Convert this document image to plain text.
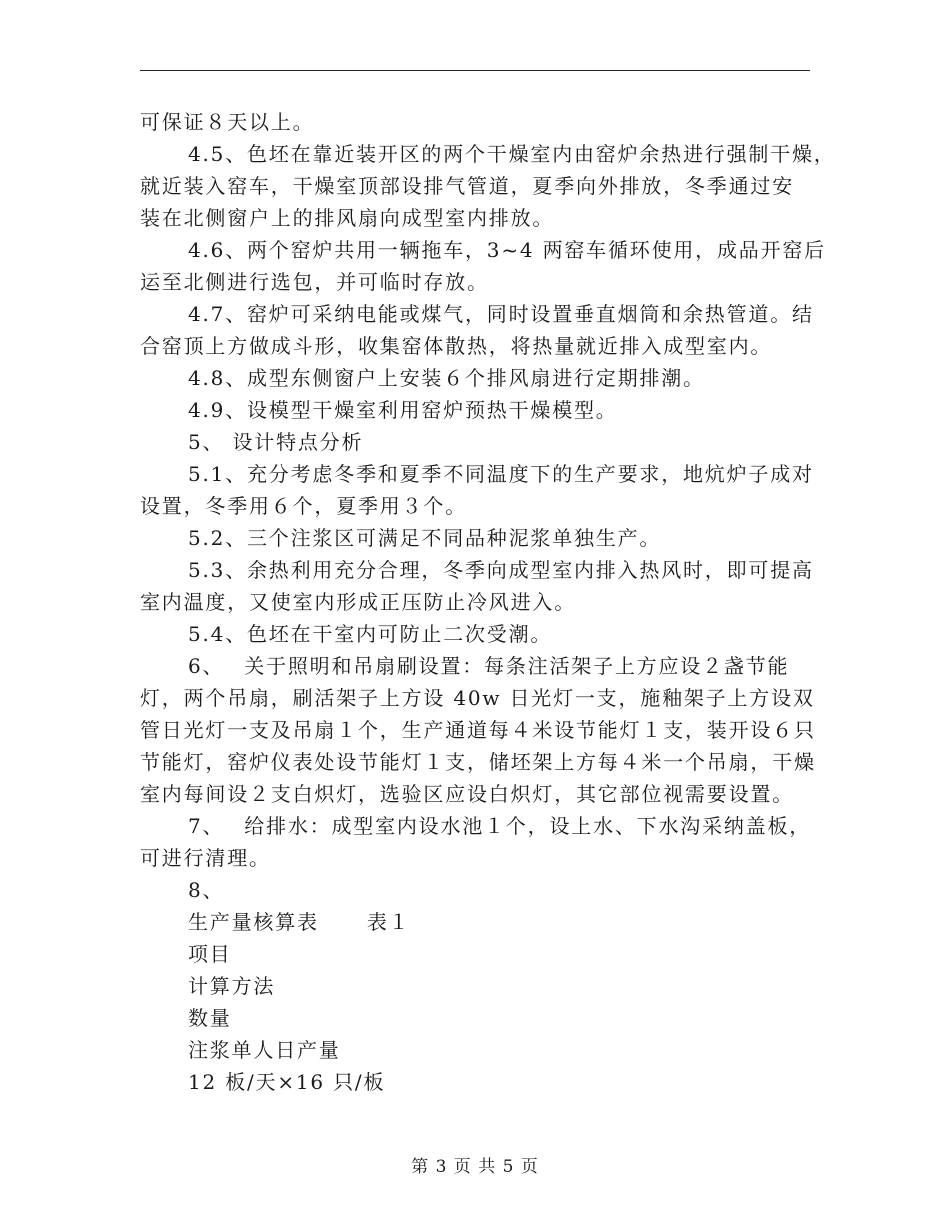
可保证８天以上。
4.5、色坯在靠近装开区的两个干燥室内由窑炉余热进行强制干燥，
就近装入窑车，干燥室顶部设排气管道，夏季向外排放，冬季通过安
装在北侧窗户上的排风扇向成型室内排放。
4.6、两个窑炉共用一辆拖车，3~4 两窑车循环使用，成品开窑后
运至北侧进行选包，并可临时存放。
4.7、窑炉可采纳电能或煤气，同时设置垂直烟筒和余热管道。结
合窑顶上方做成斗形，收集窑体散热，将热量就近排入成型室内。
4.8、成型东侧窗户上安装６个排风扇进行定期排潮。
4.9、设模型干燥室利用窑炉预热干燥模型。
5、 设计特点分析
5.1、充分考虑冬季和夏季不同温度下的生产要求，地炕炉子成对
设置，冬季用６个，夏季用３个。
5.2、三个注浆区可满足不同品种泥浆单独生产。
5.3、余热利用充分合理，冬季向成型室内排入热风时，即可提高
室内温度，又使室内形成正压防止冷风进入。
5.4、色坯在干室内可防止二次受潮。
6、　 关于照明和吊扇刷设置：每条注活架子上方应设２盏节能
灯，两个吊扇，刷活架子上方设 40w 日光灯一支，施釉架子上方设双
管日光灯一支及吊扇１个，生产通道每４米设节能灯１支，装开设６只
节能灯，窑炉仪表处设节能灯１支，储坯架上方每４米一个吊扇，干燥
室内每间设２支白炽灯，选验区应设白炽灯，其它部位视需要设置。
7、　 给排水：成型室内设水池１个，设上水、下水沟采纳盖板，
可进行清理。
8、
生产量核算表 表１
项目
计算方法
数量
注浆单人日产量
12 板/天×16 只/板
第 3 页 共 5 页
